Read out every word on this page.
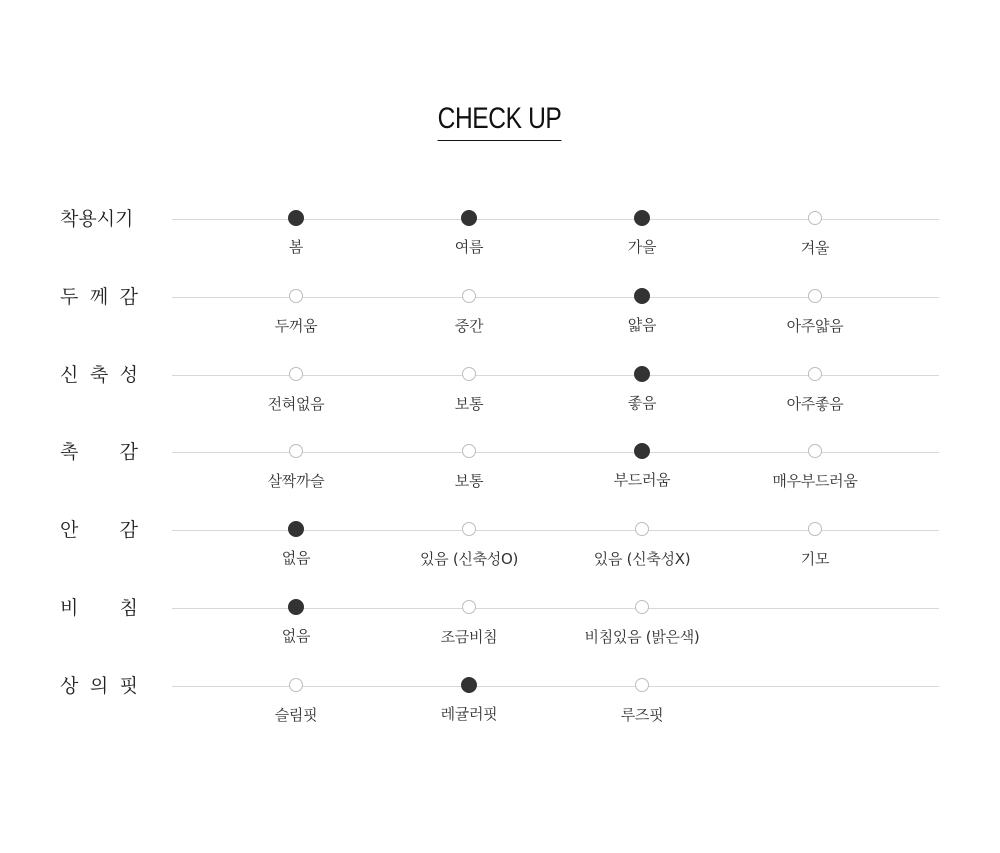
CHECK UP
착용시기
봄	여름	가을	겨울
두 께 감
두꺼움	중간	얇음	아주얇음
신 축 성
전혀없음	보통	좋음	아주좋음
촉 감
살짝까슬	보통	부드러움	매우부드러움
안 감
없음	있음 (신축성O)	있음 (신축성X)	기모
비 침
없음	조금비침	비침있음 (밝은색)
상 의 핏
슬림핏	레귤러핏	루즈핏
